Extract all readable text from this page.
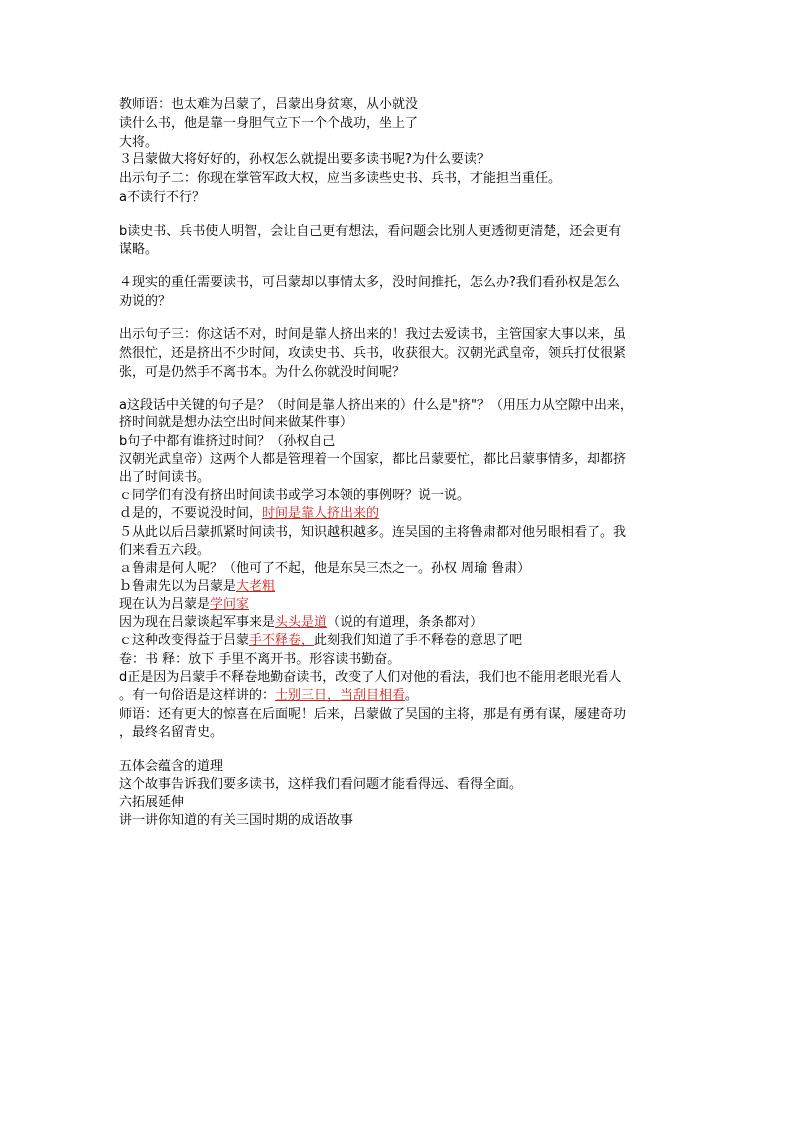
教师语：也太难为吕蒙了，吕蒙出身贫寒，从小就没
读什么书，他是靠一身胆气立下一个个战功，坐上了
大将。
３吕蒙做大将好好的，孙权怎么就提出要多读书呢?为什么要读？
出示句子二：你现在掌管军政大权，应当多读些史书、兵书，才能担当重任。
a不读行不行？
b读史书、兵书使人明智，会让自己更有想法，看问题会比别人更透彻更清楚，还会更有
谋略。
４现实的重任需要读书，可吕蒙却以事情太多，没时间推托，怎么办?我们看孙权是怎么
劝说的？
出示句子三：你这话不对，时间是靠人挤出来的！我过去爱读书，主管国家大事以来，虽
然很忙，还是挤出不少时间，攻读史书、兵书，收获很大。汉朝光武皇帝，领兵打仗很紧
张，可是仍然手不离书本。为什么你就没时间呢？
a这段话中关键的句子是？（时间是靠人挤出来的）什么是"挤"？（用压力从空隙中出来，
挤时间就是想办法空出时间来做某件事）
b句子中都有谁挤过时间？（孙权自己
汉朝光武皇帝）这两个人都是管理着一个国家，都比吕蒙要忙，都比吕蒙事情多，却都挤
出了时间读书。
ｃ同学们有没有挤出时间读书或学习本领的事例呀？说一说。
ｄ是的，不要说没时间，时间是靠人挤出来的
５从此以后吕蒙抓紧时间读书，知识越积越多。连吴国的主将鲁肃都对他另眼相看了。我
们来看五六段。
ａ鲁肃是何人呢？（他可了不起，他是东吴三杰之一。孙权 周瑜 鲁肃）
ｂ鲁肃先以为吕蒙是大老粗
现在认为吕蒙是学问家
因为现在吕蒙谈起军事来是头头是道（说的有道理，条条都对）
ｃ这种改变得益于吕蒙手不释卷，此刻我们知道了手不释卷的意思了吧
卷：书 释：放下 手里不离开书。形容读书勤奋。
d正是因为吕蒙手不释卷地勤奋读书，改变了人们对他的看法，我们也不能用老眼光看人
。有一句俗语是这样讲的：士别三日，当刮目相看。
师语：还有更大的惊喜在后面呢！后来，吕蒙做了吴国的主将，那是有勇有谋，屡建奇功
，最终名留青史。
五体会蕴含的道理
这个故事告诉我们要多读书，这样我们看问题才能看得远、看得全面。
六拓展延伸
讲一讲你知道的有关三国时期的成语故事
